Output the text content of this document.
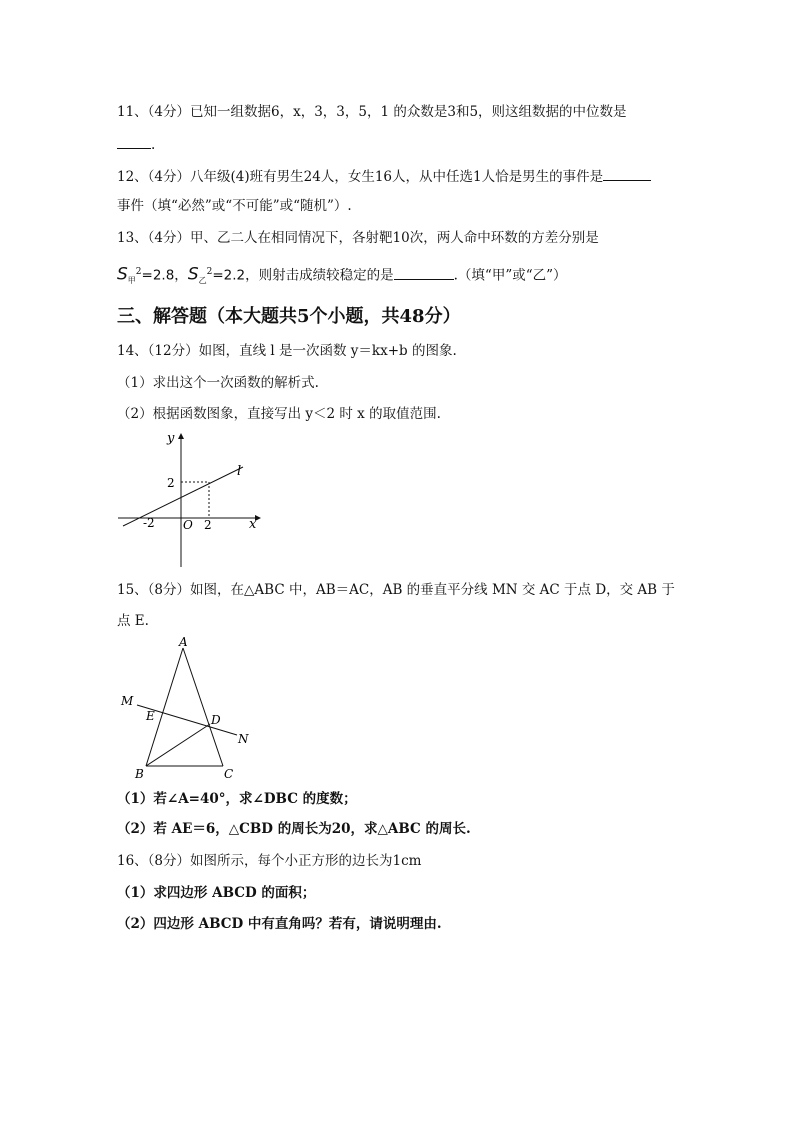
11、（4分）已知一组数据6，x，3，3，5，1 的众数是3和5，则这组数据的中位数是
.
12、（4分）八年级(4)班有男生24人，女生16人，从中任选1人恰是男生的事件是
事件（填“必然”或“不可能”或“随机”）.
13、（4分）甲、乙二人在相同情况下，各射靶10次，两人命中环数的方差分别是
$S_甲^2=2.8$，$S_乙^2=2.2$，则射击成绩较稳定的是	.（填“甲”或“乙”）
三、解答题（本大题共5个小题，共48分）
14、（12分）如图，直线 l 是一次函数 y＝kx+b 的图象.
（1）求出这个一次函数的解析式.
（2）根据函数图象，直接写出 y＜2 时 x 的取值范围.
y
x
O
l
2
-2	2
15、（8分）如图，在△ABC 中，AB＝AC，AB 的垂直平分线 MN 交 AC 于点 D，交 AB 于
点 E.
A
B	C
D
E
M
N
（1）若∠A=40°，求∠DBC 的度数；
（2）若 AE＝6，△CBD 的周长为20，求△ABC 的周长.
16、（8分）如图所示，每个小正方形的边长为1cm
（1）求四边形 ABCD 的面积；
（2）四边形 ABCD 中有直角吗？若有，请说明理由.
